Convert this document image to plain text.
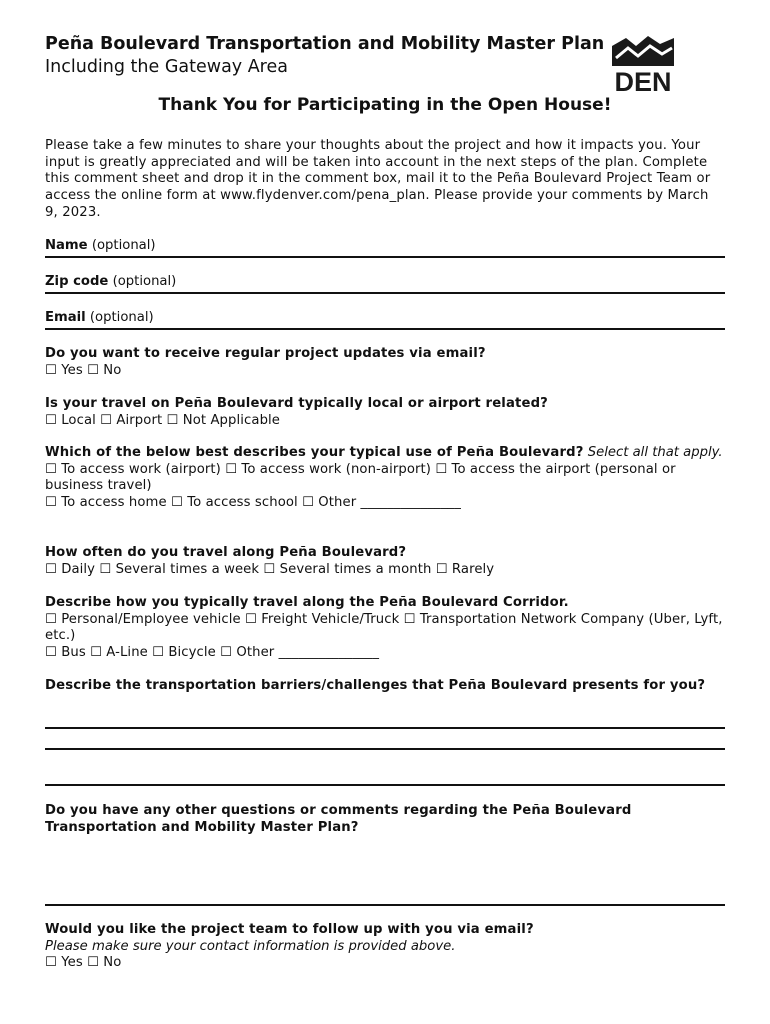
Peña Boulevard Transportation and Mobility Master Plan
Including the Gateway Area	DEN
Thank You for Participating in the Open House!
Please take a few minutes to share your thoughts about the project and how it impacts you. Your input is greatly appreciated and will be taken into account in the next steps of the plan. Complete this comment sheet and drop it in the comment box, mail it to the Peña Boulevard Project Team or access the online form at www.flydenver.com/pena_plan. Please provide your comments by March 9, 2023.
Name (optional)
Zip code (optional)
Email (optional)
Do you want to receive regular project updates via email?
☐ Yes ☐ No
Is your travel on Peña Boulevard typically local or airport related?
☐ Local ☐ Airport ☐ Not Applicable
Which of the below best describes your typical use of Peña Boulevard? Select all that apply.
☐ To access work (airport) ☐ To access work (non-airport) ☐ To access the airport (personal or business travel)
☐ To access home ☐ To access school ☐ Other _______________
How often do you travel along Peña Boulevard?
☐ Daily ☐ Several times a week ☐ Several times a month ☐ Rarely
Describe how you typically travel along the Peña Boulevard Corridor.
☐ Personal/Employee vehicle ☐ Freight Vehicle/Truck ☐ Transportation Network Company (Uber, Lyft, etc.)
☐ Bus ☐ A-Line ☐ Bicycle ☐ Other _______________
Describe the transportation barriers/challenges that Peña Boulevard presents for you?
Do you have any other questions or comments regarding the Peña Boulevard Transportation and Mobility Master Plan?
Would you like the project team to follow up with you via email?
Please make sure your contact information is provided above.
☐ Yes ☐ No
